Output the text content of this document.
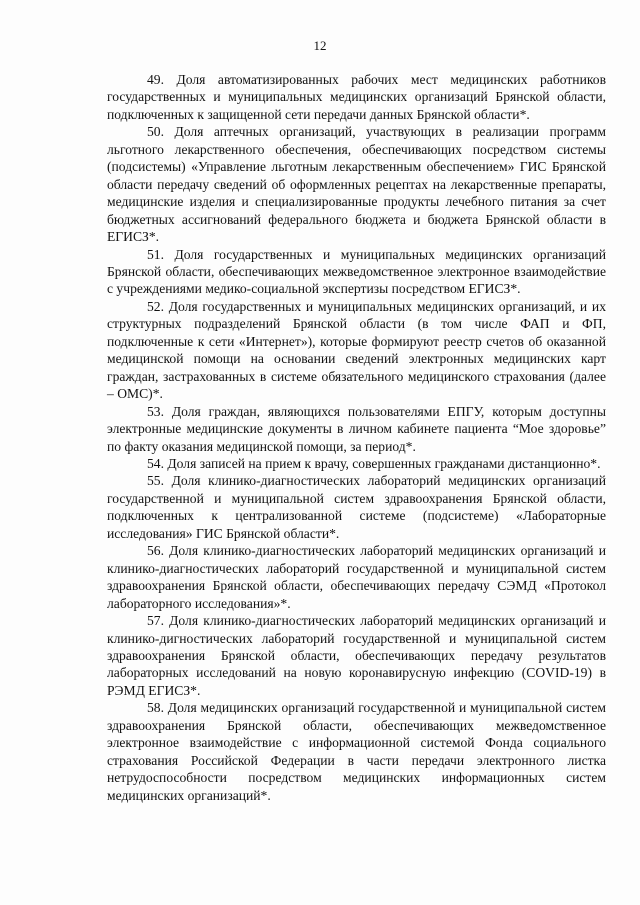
12

49. Доля автоматизированных рабочих мест медицинских работников государственных и муниципальных медицинских организаций Брянской области, подключенных к защищенной сети передачи данных Брянской области*.

50. Доля аптечных организаций, участвующих в реализации программ льготного лекарственного обеспечения, обеспечивающих посредством системы (подсистемы) «Управление льготным лекарственным обеспечением» ГИС Брянской области передачу сведений об оформленных рецептах на лекарственные препараты, медицинские изделия и специализированные продукты лечебного питания за счет бюджетных ассигнований федерального бюджета и бюджета Брянской области в ЕГИСЗ*.

51. Доля государственных и муниципальных медицинских организаций Брянской области, обеспечивающих межведомственное электронное взаимодействие с учреждениями медико-социальной экспертизы посредством ЕГИСЗ*.

52. Доля государственных и муниципальных медицинских организаций, и их структурных подразделений Брянской области (в том числе ФАП и ФП, подключенные к сети «Интернет»), которые формируют реестр счетов об оказанной медицинской помощи на основании сведений электронных медицинских карт граждан, застрахованных в системе обязательного медицинского страхования (далее – ОМС)*.

53. Доля граждан, являющихся пользователями ЕПГУ, которым доступны электронные медицинские документы в личном кабинете пациента “Мое здоровье” по факту оказания медицинской помощи, за период*.

54. Доля записей на прием к врачу, совершенных гражданами дистанционно*.

55. Доля клинико-диагностических лабораторий медицинских организаций государственной и муниципальной систем здравоохранения Брянской области, подключенных к централизованной системе (подсистеме) «Лабораторные исследования» ГИС Брянской области*.

56. Доля клинико-диагностических лабораторий медицинских организаций и клинико-диагностических лабораторий государственной и муниципальной систем здравоохранения Брянской области, обеспечивающих передачу СЭМД «Протокол лабораторного исследования»*.

57. Доля клинико-диагностических лабораторий медицинских организаций и клинико-дигностических лабораторий государственной и муниципальной систем здравоохранения Брянской области, обеспечивающих передачу результатов лабораторных исследований на новую коронавирусную инфекцию (COVID-19) в РЭМД ЕГИСЗ*.

58. Доля медицинских организаций государственной и муниципальной систем здравоохранения Брянской области, обеспечивающих межведомственное электронное взаимодействие с информационной системой Фонда социального страхования Российской Федерации в части передачи электронного листка нетрудоспособности посредством медицинских информационных систем медицинских организаций*.
